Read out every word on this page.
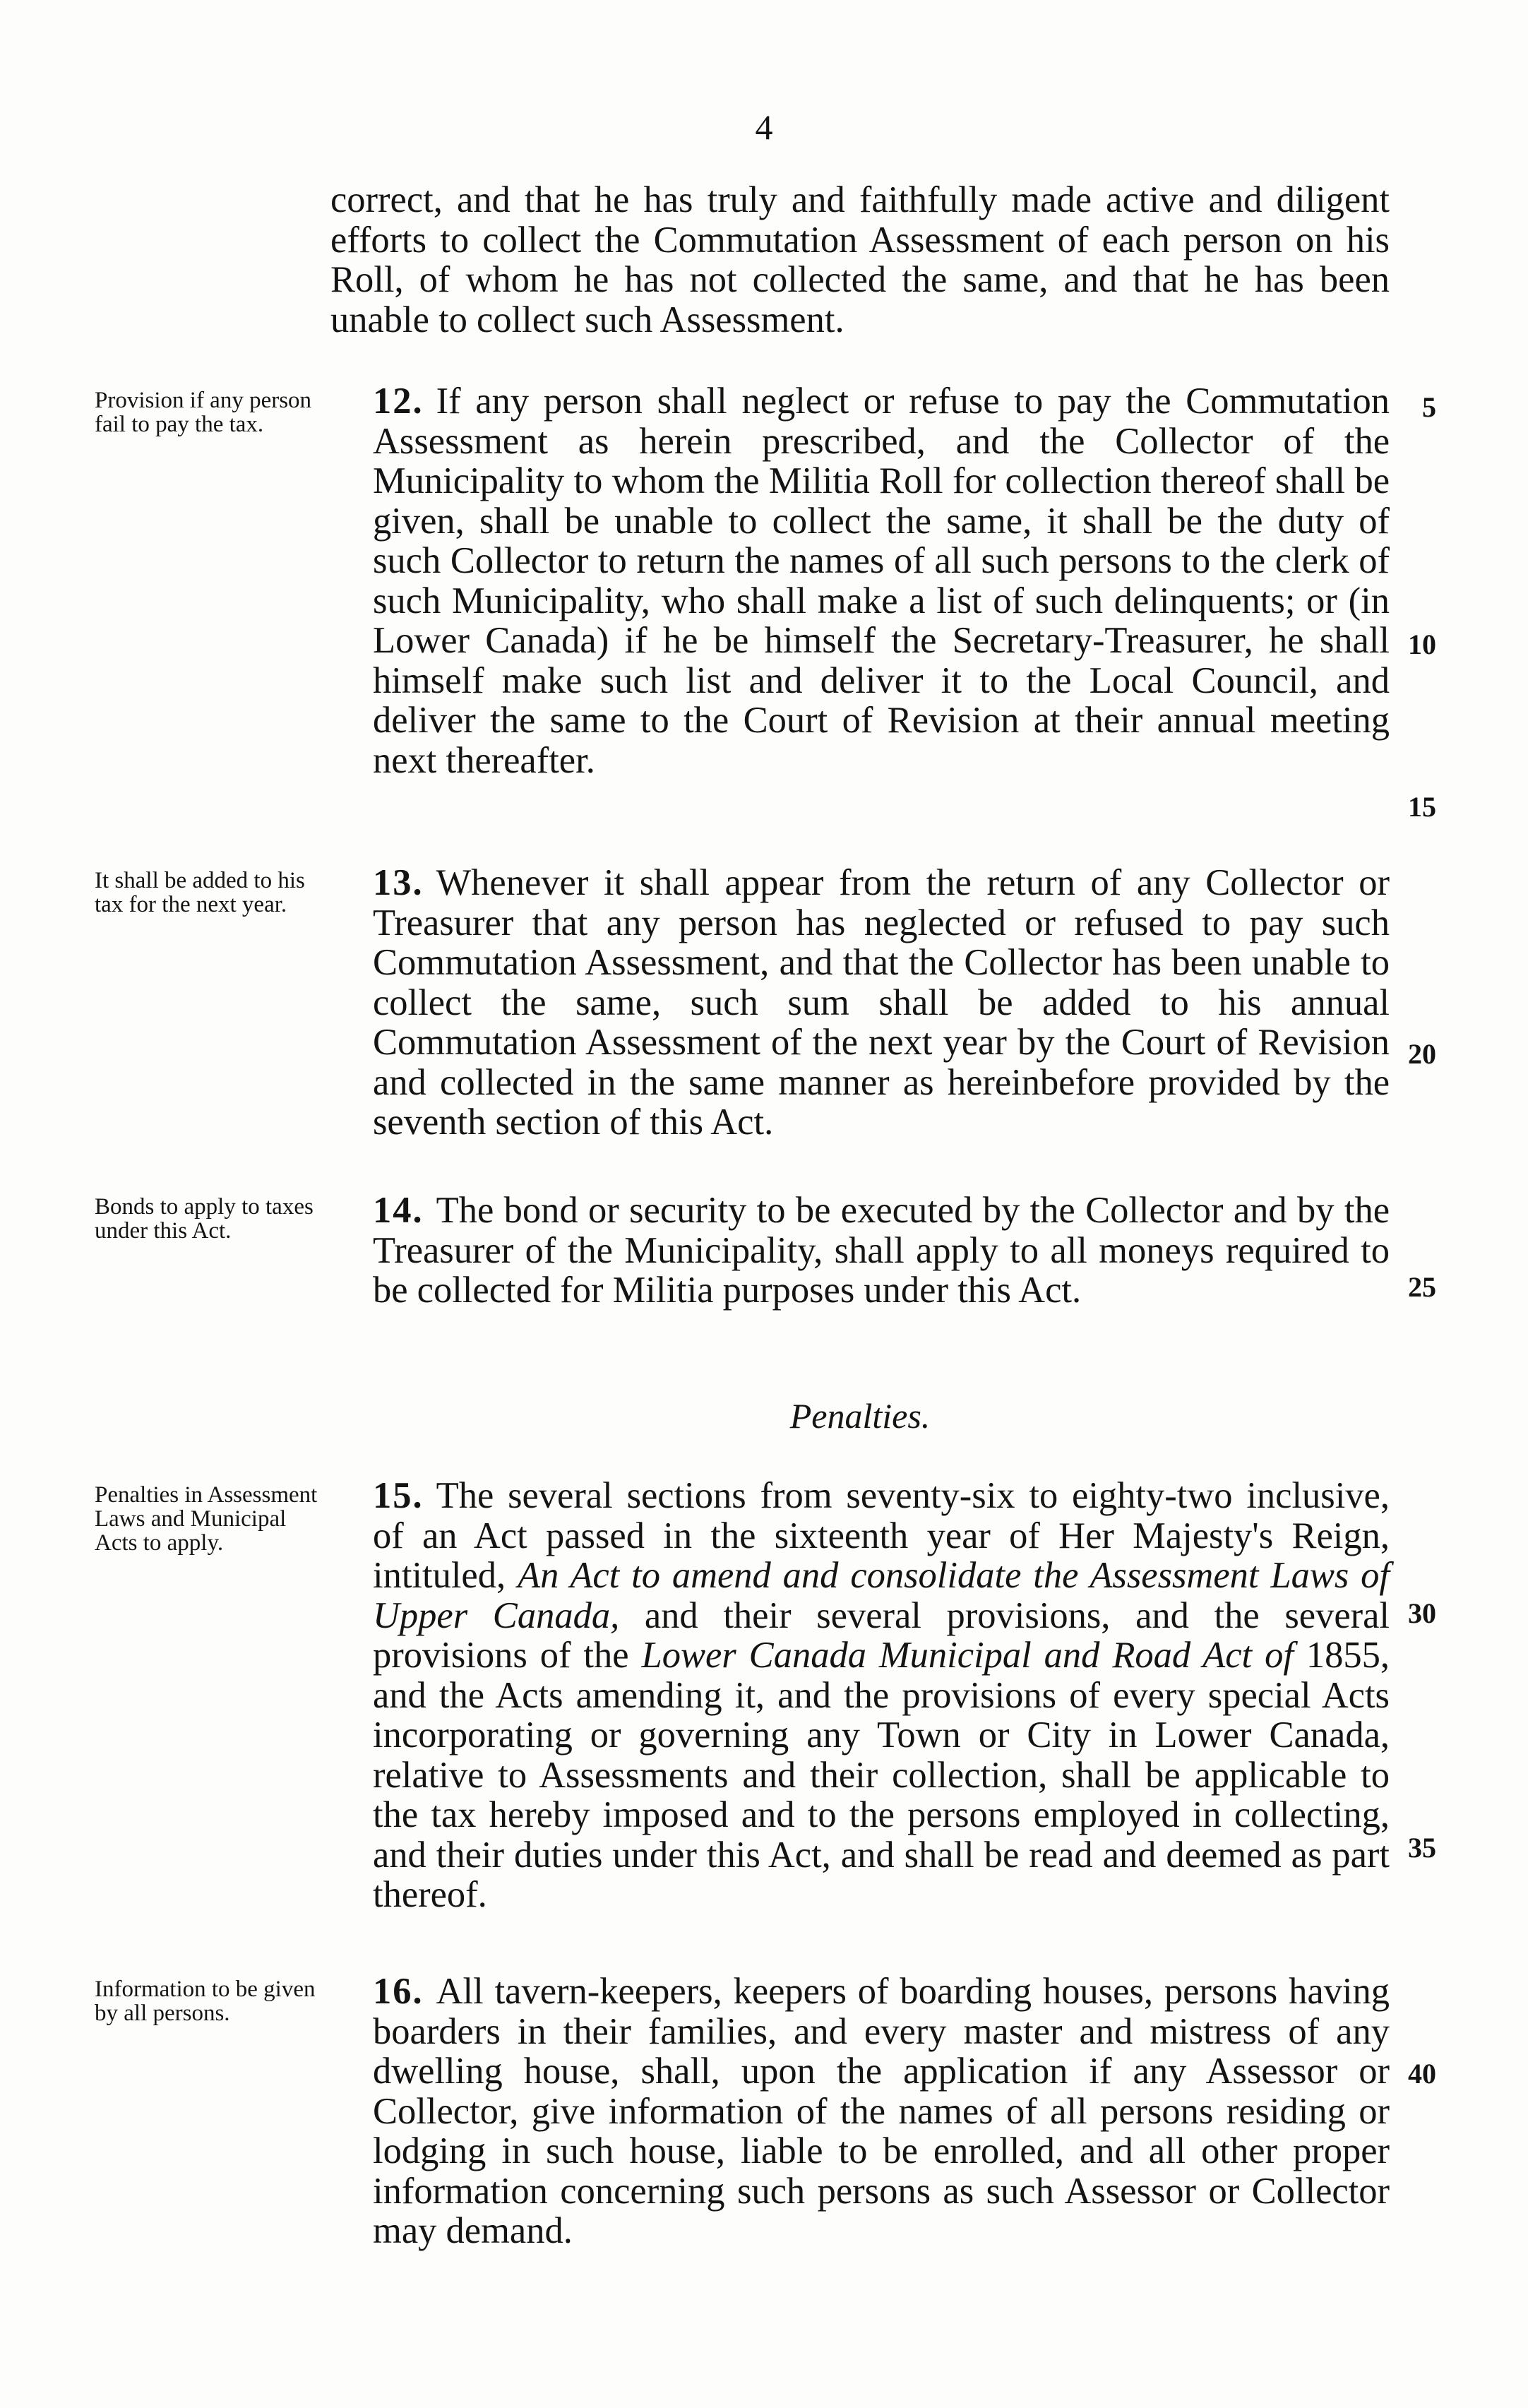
4

correct, and that he has truly and faithfully made active and diligent efforts to collect the Commutation Assessment of each person on his Roll, of whom he has not collected the same, and that he has been unable to collect such Assessment.

Provision if any person fail to pay the tax.

12. If any person shall neglect or refuse to pay the Commutation Assessment as herein prescribed, and the Collector of the Municipality to whom the Militia Roll for collection thereof shall be given, shall be unable to collect the same, it shall be the duty of such Collector to return the names of all such persons to the clerk of such Municipality, who shall make a list of such delinquents; or (in Lower Canada) if he be himself the Secretary-Treasurer, he shall himself make such list and deliver it to the Local Council, and deliver the same to the Court of Revision at their annual meeting next thereafter.

It shall be added to his tax for the next year.

13. Whenever it shall appear from the return of any Collector or Treasurer that any person has neglected or refused to pay such Commutation Assessment, and that the Collector has been unable to collect the same, such sum shall be added to his annual Commutation Assessment of the next year by the Court of Revision and collected in the same manner as hereinbefore provided by the seventh section of this Act.

Bonds to apply to taxes under this Act.	14. The bond or security to be executed by the Collector and by the Treasurer of the Municipality, shall apply to all moneys required to be collected for Militia purposes under this Act.

Penalties.
Penalties in Assessment Laws and Municipal Acts to apply.

15. The several sections from seventy-six to eighty-two inclusive, of an Act passed in the sixteenth year of Her Majesty's Reign, intituled, An Act to amend and consolidate the Assessment Laws of Upper Canada, and their several provisions, and the several provisions of the Lower Canada Municipal and Road Act of 1855, and the Acts amending it, and the provisions of every special Acts incorporating or governing any Town or City in Lower Canada, relative to Assessments and their collection, shall be applicable to the tax hereby imposed and to the persons employed in collecting, and their duties under this Act, and shall be read and deemed as part thereof.

Information to be given by all persons.

16. All tavern-keepers, keepers of boarding houses, persons having boarders in their families, and every master and mistress of any dwelling house, shall, upon the application if any Assessor or Collector, give information of the names of all persons residing or lodging in such house, liable to be enrolled, and all other proper information concerning such persons as such Assessor or Collector may demand.

5
10
15
20
25
30
35
40
